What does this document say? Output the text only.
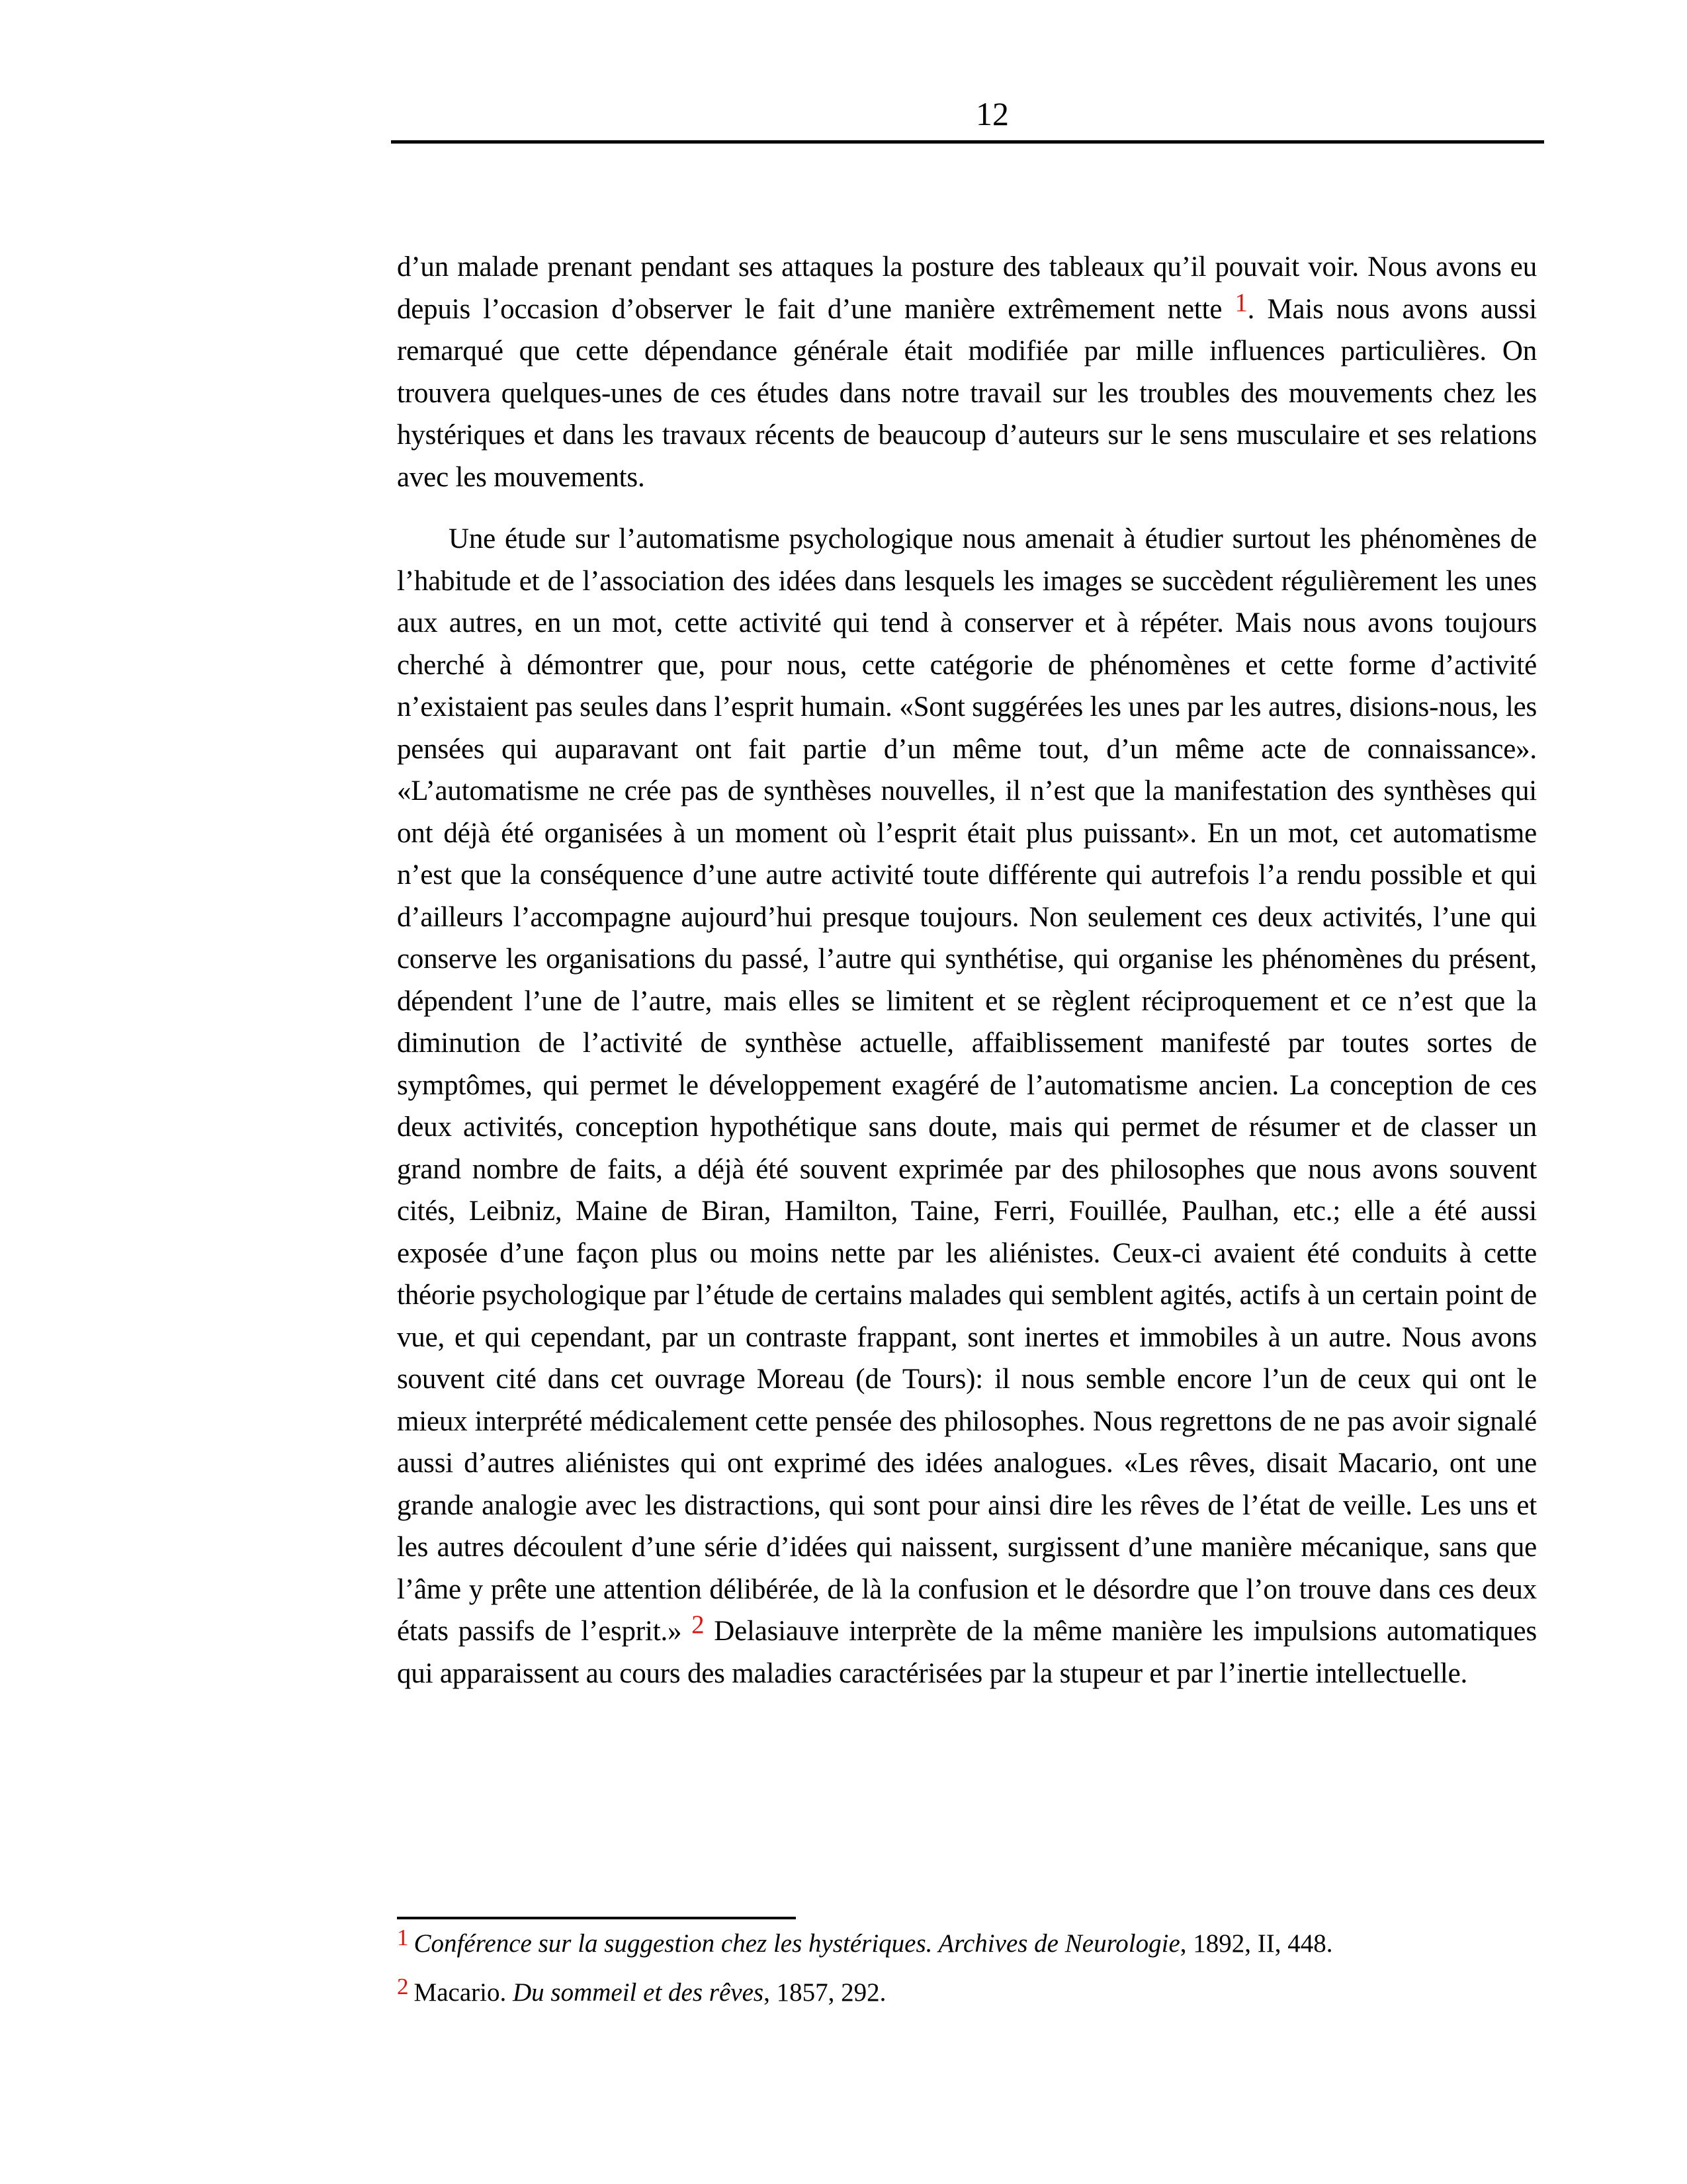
12

d’un malade prenant pendant ses attaques la posture des tableaux qu’il pouvait voir. Nous avons eu depuis l’occasion d’observer le fait d’une manière extrêmement nette $^1$. Mais nous avons aussi remarqué que cette dépendance générale était modifiée par mille influences particulières. On trouvera quelques-unes de ces études dans notre travail sur les troubles des mouvements chez les hystériques et dans les travaux récents de beaucoup d’auteurs sur le sens musculaire et ses relations avec les mouvements.

Une étude sur l’automatisme psychologique nous amenait à étudier surtout les phénomènes de l’habitude et de l’association des idées dans lesquels les images se succèdent régulièrement les unes aux autres, en un mot, cette activité qui tend à conserver et à répéter. Mais nous avons toujours cherché à démontrer que, pour nous, cette catégorie de phénomènes et cette forme d’activité n’existaient pas seules dans l’esprit humain. «Sont suggérées les unes par les autres, disions-nous, les pensées qui auparavant ont fait partie d’un même tout, d’un même acte de connaissance». «L’automatisme ne crée pas de synthèses nouvelles, il n’est que la manifestation des synthèses qui ont déjà été organisées à un moment où l’esprit était plus puissant». En un mot, cet automatisme n’est que la conséquence d’une autre activité toute différente qui autrefois l’a rendu possible et qui d’ailleurs l’accompagne aujourd’hui presque toujours. Non seulement ces deux activités, l’une qui conserve les organisations du passé, l’autre qui synthétise, qui organise les phénomènes du présent, dépendent l’une de l’autre, mais elles se limitent et se règlent réciproquement et ce n’est que la diminution de l’activité de synthèse actuelle, affaiblissement manifesté par toutes sortes de symptômes, qui permet le développement exagéré de l’automatisme ancien. La conception de ces deux activités, conception hypothétique sans doute, mais qui permet de résumer et de classer un grand nombre de faits, a déjà été souvent exprimée par des philosophes que nous avons souvent cités, Leibniz, Maine de Biran, Hamilton, Taine, Ferri, Fouillée, Paulhan, etc.; elle a été aussi exposée d’une façon plus ou moins nette par les aliénistes. Ceux-ci avaient été conduits à cette théorie psychologique par l’étude de certains malades qui semblent agités, actifs à un certain point de vue, et qui cependant, par un contraste frappant, sont inertes et immobiles à un autre. Nous avons souvent cité dans cet ouvrage Moreau (de Tours): il nous semble encore l’un de ceux qui ont le mieux interprété médicalement cette pensée des philosophes. Nous regrettons de ne pas avoir signalé aussi d’autres aliénistes qui ont exprimé des idées analogues. «Les rêves, disait Macario, ont une grande analogie avec les distractions, qui sont pour ainsi dire les rêves de l’état de veille. Les uns et les autres découlent d’une série d’idées qui naissent, surgissent d’une manière mécanique, sans que l’âme y prête une attention délibérée, de là la confusion et le désordre que l’on trouve dans ces deux états passifs de l’esprit.» $^2$ Delasiauve interprète de la même manière les impulsions automatiques qui apparaissent au cours des maladies caractérisées par la stupeur et par l’inertie intellectuelle.

1 Conférence sur la suggestion chez les hystériques. Archives de Neurologie, 1892, II, 448.
2 Macario. Du sommeil et des rêves, 1857, 292.
